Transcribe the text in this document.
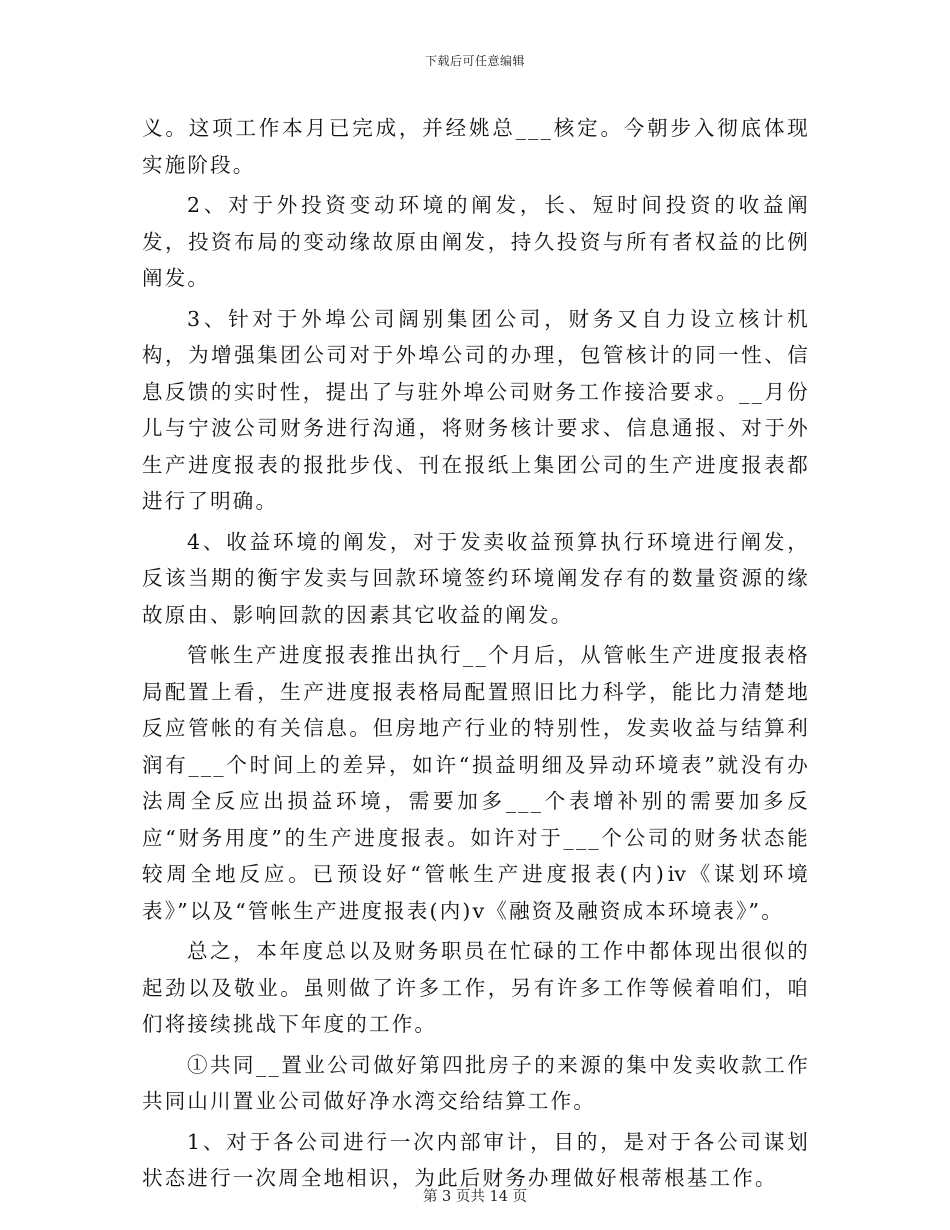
下载后可任意编辑

义。这项工作本月已完成，并经姚总___核定。今朝步入彻底体现实施阶段。

2、对于外投资变动环境的阐发，长、短时间投资的收益阐发，投资布局的变动缘故原由阐发，持久投资与所有者权益的比例阐发。

3、针对于外埠公司阔别集团公司，财务又自力设立核计机构，为增强集团公司对于外埠公司的办理，包管核计的同一性、信息反馈的实时性，提出了与驻外埠公司财务工作接洽要求。__月份儿与宁波公司财务进行沟通，将财务核计要求、信息通报、对于外生产进度报表的报批步伐、刊在报纸上集团公司的生产进度报表都进行了明确。

4、收益环境的阐发，对于发卖收益预算执行环境进行阐发，反该当期的衡宇发卖与回款环境签约环境阐发存有的数量资源的缘故原由、影响回款的因素其它收益的阐发。

管帐生产进度报表推出执行__个月后，从管帐生产进度报表格局配置上看，生产进度报表格局配置照旧比力科学，能比力清楚地反应管帐的有关信息。但房地产行业的特别性，发卖收益与结算利润有___个时间上的差异，如许“损益明细及异动环境表”就没有办法周全反应出损益环境，需要加多___个表增补别的需要加多反应“财务用度”的生产进度报表。如许对于___个公司的财务状态能较周全地反应。已预设好“管帐生产进度报表(内)ⅳ《谋划环境表》”以及“管帐生产进度报表(内)ⅴ《融资及融资成本环境表》”。

总之，本年度总以及财务职员在忙碌的工作中都体现出很似的起劲以及敬业。虽则做了许多工作，另有许多工作等候着咱们，咱们将接续挑战下年度的工作。

①共同__置业公司做好第四批房子的来源的集中发卖收款工作共同山川置业公司做好净水湾交给结算工作。

1、对于各公司进行一次内部审计，目的，是对于各公司谋划状态进行一次周全地相识，为此后财务办理做好根蒂根基工作。

第 3 页共 14 页
